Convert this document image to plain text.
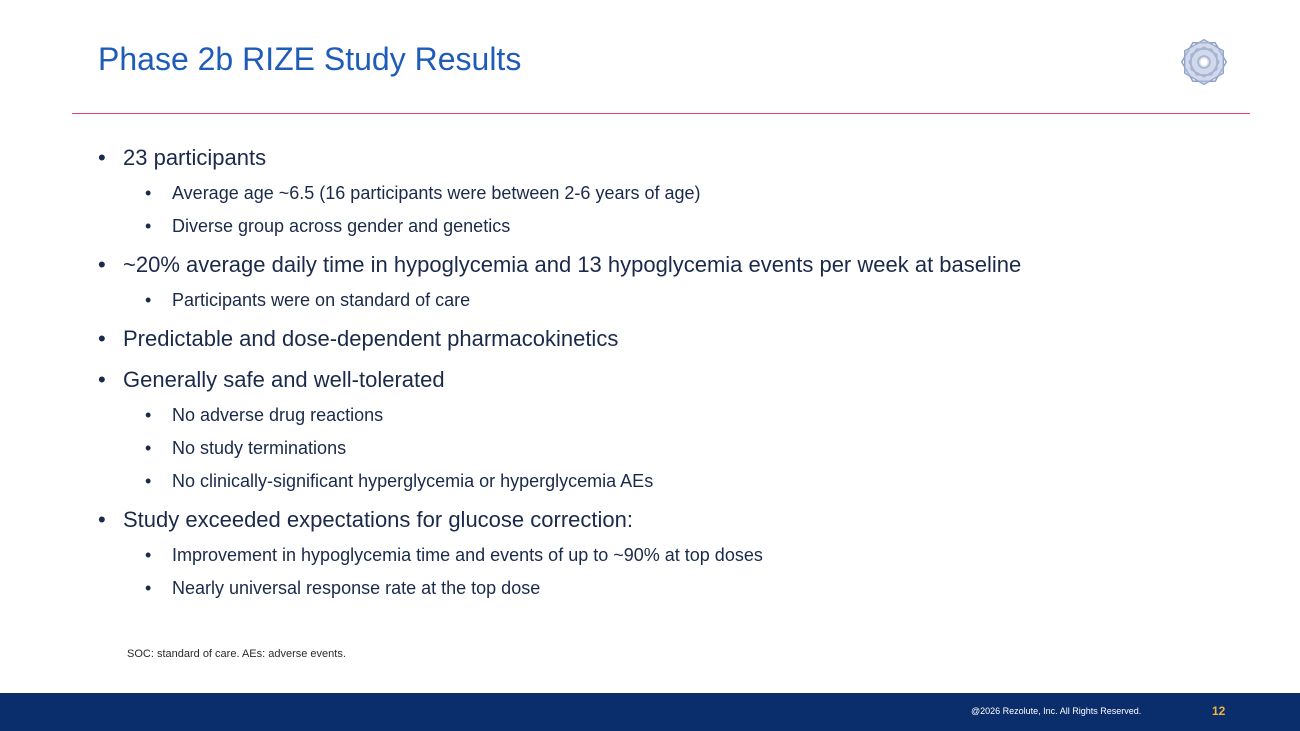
Phase 2b RIZE Study Results
• 23 participants
• Average age ~6.5 (16 participants were between 2-6 years of age)
• Diverse group across gender and genetics
• ~20% average daily time in hypoglycemia and 13 hypoglycemia events per week at baseline
• Participants were on standard of care
• Predictable and dose-dependent pharmacokinetics
• Generally safe and well-tolerated
• No adverse drug reactions
• No study terminations
• No clinically-significant hyperglycemia or hyperglycemia AEs
• Study exceeded expectations for glucose correction:
• Improvement in hypoglycemia time and events of up to ~90% at top doses
• Nearly universal response rate at the top dose
SOC: standard of care. AEs: adverse events.
@2026 Rezolute, Inc. All Rights Reserved.	12
